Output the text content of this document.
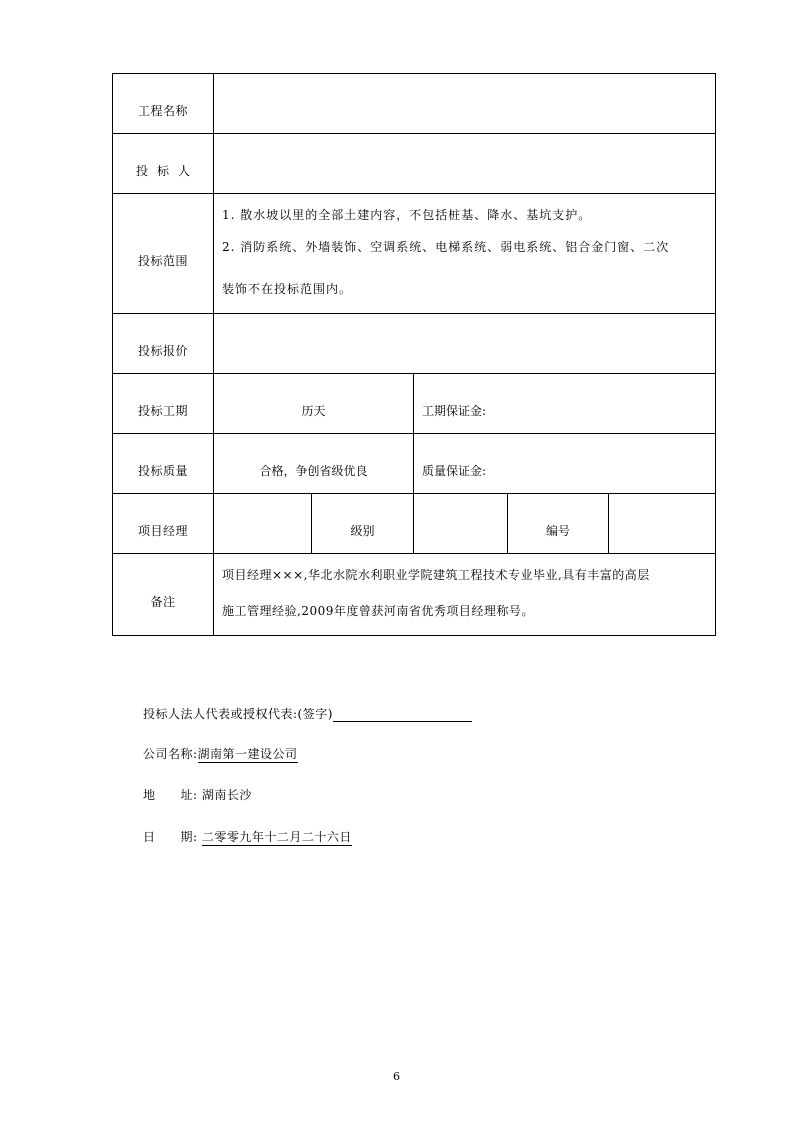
工程名称					
投标人					
投标范围	1. 散水坡以里的全部土建内容，不包括桩基、降水、基坑支护。

2. 消防系统、外墙装饰、空调系统、电梯系统、弱电系统、铝合金门窗、二次

装饰不在投标范围内。				

投标报价					
投标工期	历天		工期保证金:		
投标质量	合格，争创省级优良		质量保证金:		
项目经理		级别		编号	
备注	项目经理×××,华北水院水利职业学院建筑工程技术专业毕业,具有丰富的高层

施工管理经验,2009年度曾获河南省优秀项目经理称号。				

投标人法人代表或授权代表:(签字)
公司名称:湖南第一建设公司
地　　址: 湖南长沙
日　　期: 二零零九年十二月二十六日
6
